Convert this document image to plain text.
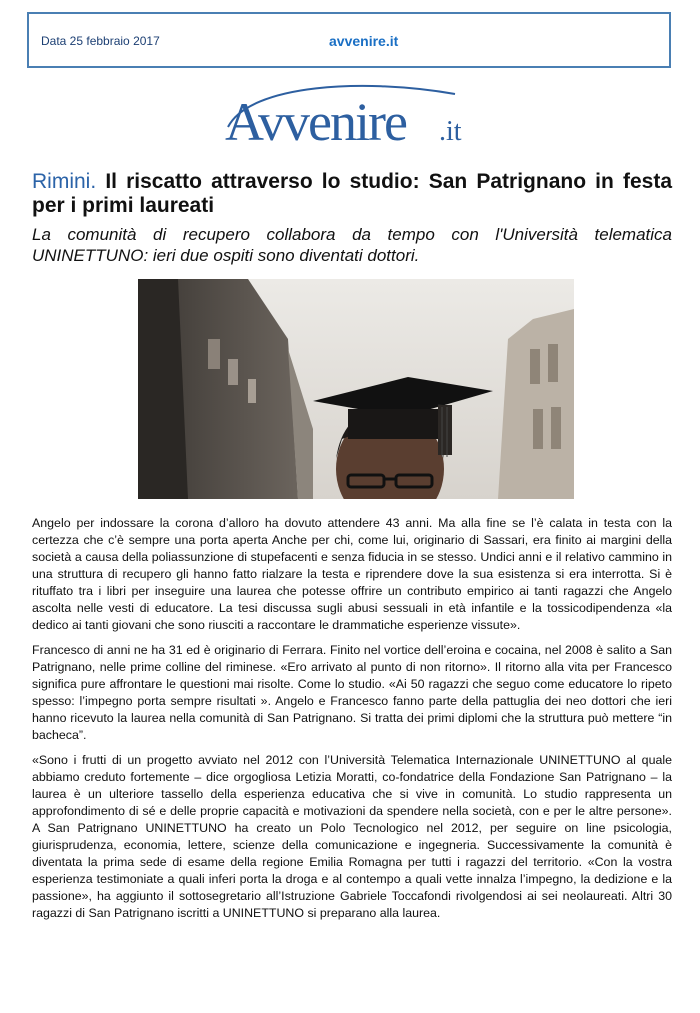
Data 25 febbraio 2017	avvenire.it
Avvenire .it
Rimini. Il riscatto attraverso lo studio: San Patrignano in festa per i primi laureati

La comunità di recupero collabora da tempo con l'Università telematica UNINETTUNO: ieri due ospiti sono diventati dottori.

Angelo per indossare la corona d’alloro ha dovuto attendere 43 anni. Ma alla fine se l’è calata in testa con la certezza che c’è sempre una porta aperta Anche per chi, come lui, originario di Sassari, era finito ai margini della società a causa della poliassunzione di stupefacenti e senza fiducia in se stesso. Undici anni e il relativo cammino in una struttura di recupero gli hanno fatto rialzare la testa e riprendere dove la sua esistenza si era interrotta. Si è rituffato tra i libri per inseguire una laurea che potesse offrire un contributo empirico ai tanti ragazzi che Angelo ascolta nelle vesti di educatore. La tesi discussa sugli abusi sessuali in età infantile e la tossicodipendenza «la dedico ai tanti giovani che sono riusciti a raccontare le drammatiche esperienze vissute».

Francesco di anni ne ha 31 ed è originario di Ferrara. Finito nel vortice dell’eroina e cocaina, nel 2008 è salito a San Patrignano, nelle prime colline del riminese. «Ero arrivato al punto di non ritorno». Il ritorno alla vita per Francesco significa pure affrontare le questioni mai risolte. Come lo studio. «Ai 50 ragazzi che seguo come educatore lo ripeto spesso: l’impegno porta sempre risultati ». Angelo e Francesco fanno parte della pattuglia dei neo dottori che ieri hanno ricevuto la laurea nella comunità di San Patrignano. Si tratta dei primi diplomi che la struttura può mettere “in bacheca”.

«Sono i frutti di un progetto avviato nel 2012 con l’Università Telematica Internazionale UNINETTUNO al quale abbiamo creduto fortemente – dice orgogliosa Letizia Moratti, co-fondatrice della Fondazione San Patrignano – la laurea è un ulteriore tassello della esperienza educativa che si vive in comunità. Lo studio rappresenta un approfondimento di sé e delle proprie capacità e motivazioni da spendere nella società, con e per le altre persone». A San Patrignano UNINETTUNO ha creato un Polo Tecnologico nel 2012, per seguire on line psicologia, giurisprudenza, economia, lettere, scienze della comunicazione e ingegneria. Successivamente la comunità è diventata la prima sede di esame della regione Emilia Romagna per tutti i ragazzi del territorio. «Con la vostra esperienza testimoniate a quali inferi porta la droga e al contempo a quali vette innalza l’impegno, la dedizione e la passione», ha aggiunto il sottosegretario all’Istruzione Gabriele Toccafondi rivolgendosi ai sei neolaureati. Altri 30 ragazzi di San Patrignano iscritti a UNINETTUNO si preparano alla laurea.
